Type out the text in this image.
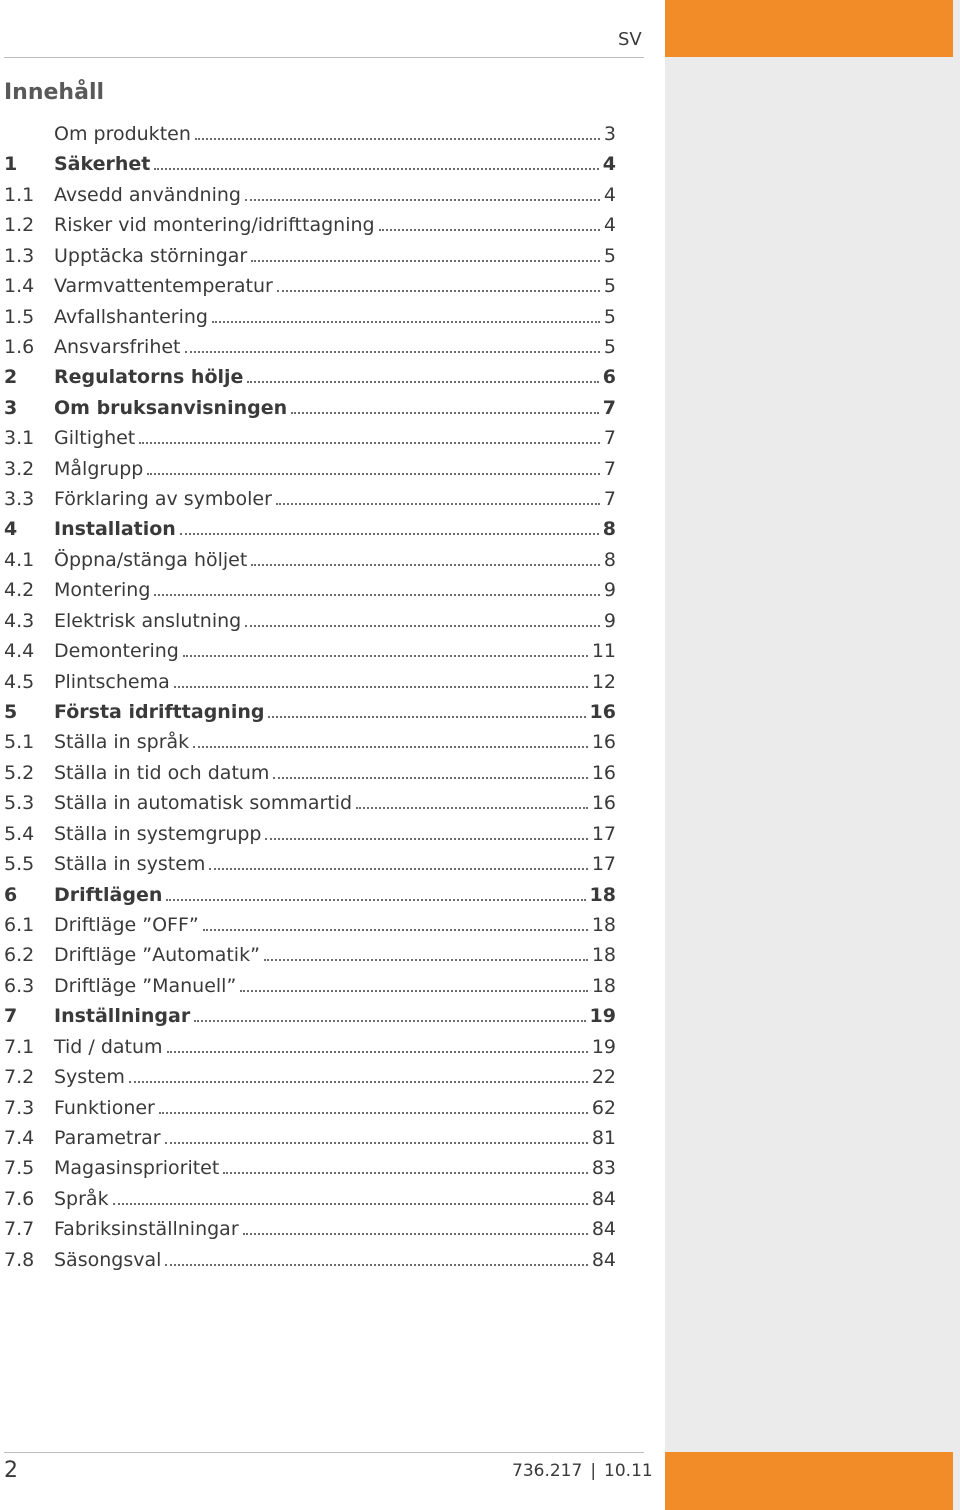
SV
Innehåll
Om produkten	3
1	Säkerhet	4
1.1	Avsedd användning	4
1.2	Risker vid montering/idrifttagning	4
1.3	Upptäcka störningar	5
1.4	Varmvattentemperatur	5
1.5	Avfallshantering	5
1.6	Ansvarsfrihet	5
2	Regulatorns hölje	6
3	Om bruksanvisningen	7
3.1	Giltighet	7
3.2	Målgrupp	7
3.3	Förklaring av symboler	7
4	Installation	8
4.1	Öppna/stänga höljet	8
4.2	Montering	9
4.3	Elektrisk anslutning	9
4.4	Demontering	11
4.5	Plintschema	12
5	Första idrifttagning	16
5.1	Ställa in språk	16
5.2	Ställa in tid och datum	16
5.3	Ställa in automatisk sommartid	16
5.4	Ställa in systemgrupp	17
5.5	Ställa in system	17
6	Driftlägen	18
6.1	Driftläge ”OFF”	18
6.2	Driftläge ”Automatik”	18
6.3	Driftläge ”Manuell”	18
7	Inställningar	19
7.1	Tid / datum	19
7.2	System	22
7.3	Funktioner	62
7.4	Parametrar	81
7.5	Magasinsprioritet	83
7.6	Språk	84
7.7	Fabriksinställningar	84
7.8	Säsongsval	84
2	736.217 | 10.11
